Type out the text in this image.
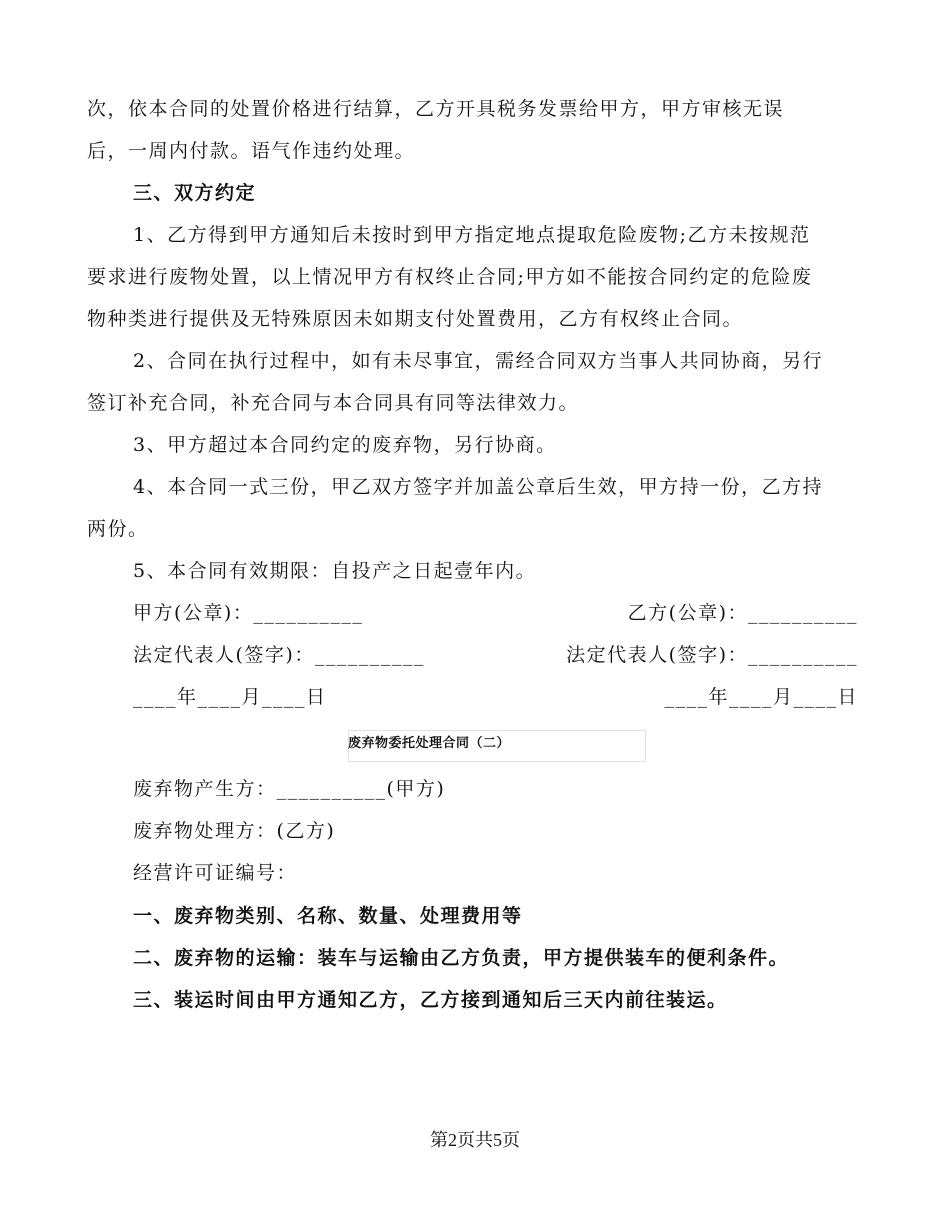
次，依本合同的处置价格进行结算，乙方开具税务发票给甲方，甲方审核无误
后，一周内付款。语气作违约处理。
三、双方约定
1、乙方得到甲方通知后未按时到甲方指定地点提取危险废物;乙方未按规范
要求进行废物处置，以上情况甲方有权终止合同;甲方如不能按合同约定的危险废
物种类进行提供及无特殊原因未如期支付处置费用，乙方有权终止合同。
2、合同在执行过程中，如有未尽事宜，需经合同双方当事人共同协商，另行
签订补充合同，补充合同与本合同具有同等法律效力。
3、甲方超过本合同约定的废弃物，另行协商。
4、本合同一式三份，甲乙双方签字并加盖公章后生效，甲方持一份，乙方持
两份。
5、本合同有效期限：自投产之日起壹年内。
甲方(公章)：__________	乙方(公章)：__________
法定代表人(签字)：__________	法定代表人(签字)：__________
____年____月____日	____年____月____日
废弃物委托处理合同（二）
废弃物产生方：__________(甲方)
废弃物处理方：(乙方)
经营许可证编号：
一、废弃物类别、名称、数量、处理费用等
二、废弃物的运输：装车与运输由乙方负责，甲方提供装车的便利条件。
三、装运时间由甲方通知乙方，乙方接到通知后三天内前往装运。
第2页共5页
